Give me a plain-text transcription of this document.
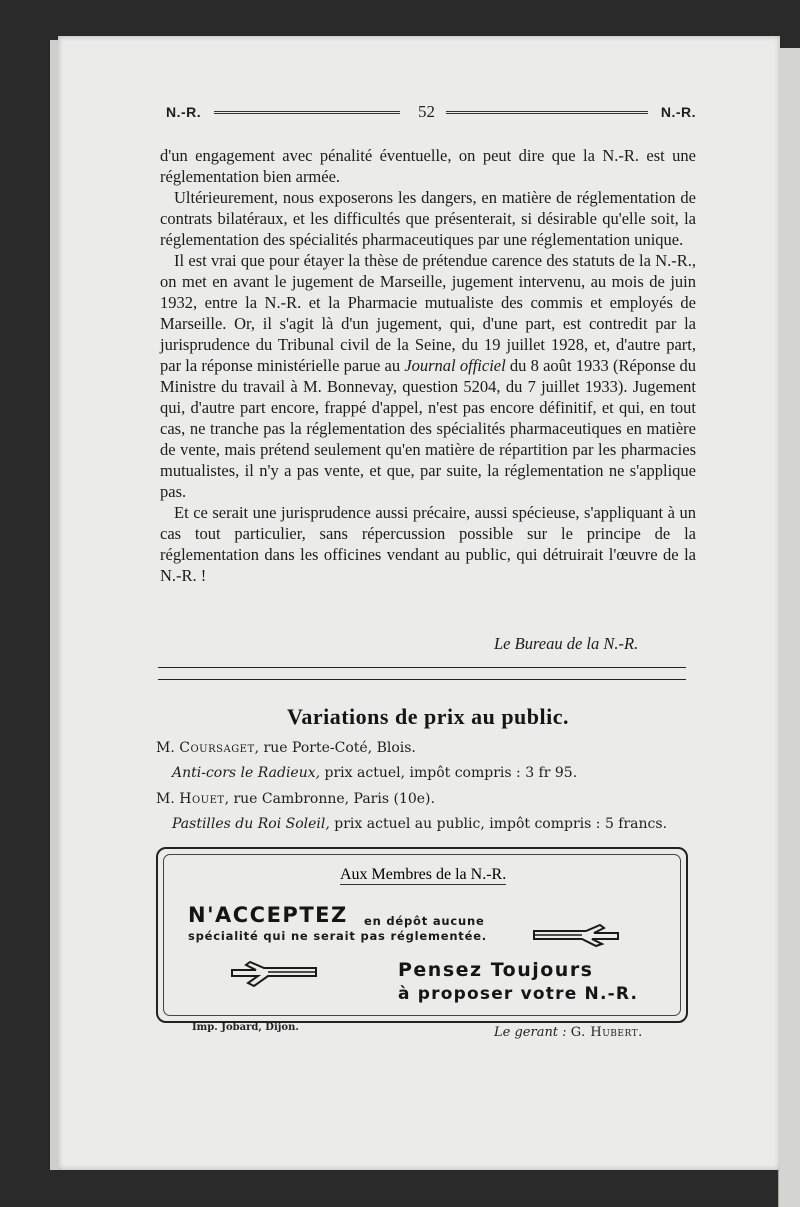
N.-R.	52	N.-R.

d'un engagement avec pénalité éventuelle, on peut dire que la N.-R. est une réglementation bien armée.

Ultérieurement, nous exposerons les dangers, en matière de réglementation de contrats bilatéraux, et les difficultés que présenterait, si désirable qu'elle soit, la réglementation des spécialités pharmaceutiques par une réglementation unique.

Il est vrai que pour étayer la thèse de prétendue carence des statuts de la N.-R., on met en avant le jugement de Marseille, jugement intervenu, au mois de juin 1932, entre la N.-R. et la Pharmacie mutualiste des commis et employés de Marseille. Or, il s'agit là d'un jugement, qui, d'une part, est contredit par la jurisprudence du Tribunal civil de la Seine, du 19 juillet 1928, et, d'autre part, par la réponse ministérielle parue au Journal officiel du 8 août 1933 (Réponse du Ministre du travail à M. Bonnevay, question 5204, du 7 juillet 1933). Jugement qui, d'autre part encore, frappé d'appel, n'est pas encore définitif, et qui, en tout cas, ne tranche pas la réglementation des spécialités pharmaceutiques en matière de vente, mais prétend seulement qu'en matière de répartition par les pharmacies mutualistes, il n'y a pas vente, et que, par suite, la réglementation ne s'applique pas.

Et ce serait une jurisprudence aussi précaire, aussi spécieuse, s'appliquant à un cas tout particulier, sans répercussion possible sur le principe de la réglementation dans les officines vendant au public, qui détruirait l'œuvre de la N.-R. !

Le Bureau de la N.-R.
Variations de prix au public.
M. Coursaget, rue Porte-Coté, Blois.
Anti-cors le Radieux, prix actuel, impôt compris : 3 fr 95.
M. Houet, rue Cambronne, Paris (10e).
Pastilles du Roi Soleil, prix actuel au public, impôt compris : 5 francs.
Aux Membres de la N.-R.
N'ACCEPTEZ en dépôt aucune
spécialité qui ne serait pas réglementée.
Pensez Toujours
à proposer votre N.-R.
Imp. Jobard, Dijon.	Le gerant : G. Hubert.
